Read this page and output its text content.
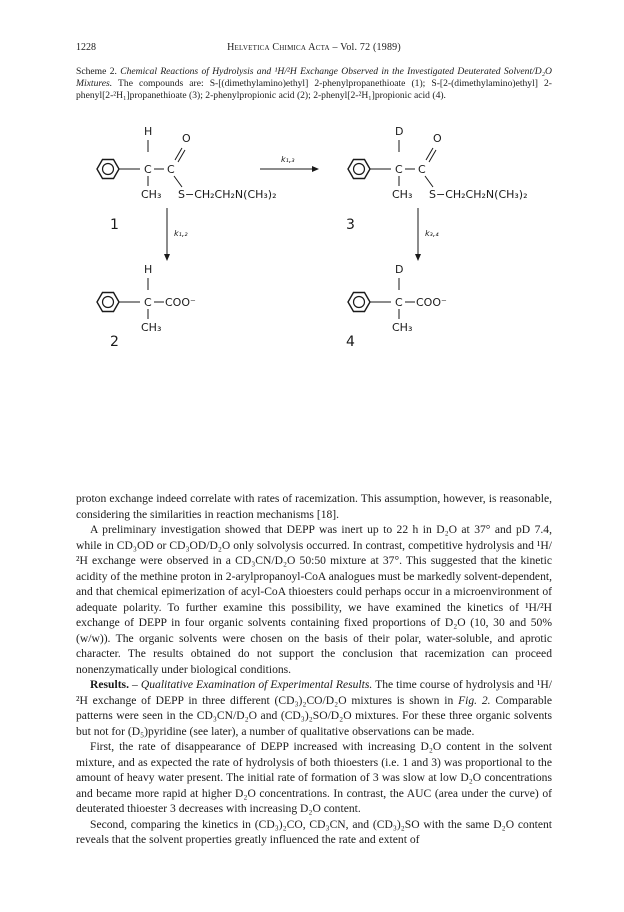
1228	Helvetica Chimica Acta – Vol. 72 (1989)
Scheme 2. Chemical Reactions of Hydrolysis and ¹H/²H Exchange Observed in the Investigated Deuterated Solvent/D₂O Mixtures. The compounds are: S-[(dimethylamino)ethyl] 2-phenylpropanethioate (1); S-[2-(dimethylamino)ethyl] 2-phenyl[2-²H₁]propanethioate (3); 2-phenylpropionic acid (2); 2-phenyl[2-²H₁]propionic acid (4).
H
C C
O
CH₃ S−CH₂CH₂N(CH₃)₂
1
k₁,₃
D
C C
O
CH₃ S−CH₂CH₂N(CH₃)₂
3
k₁,₂	k₃,₄
H
C COO⁻
CH₃
2
D
C COO⁻
CH₃
4

proton exchange indeed correlate with rates of racemization. This assumption, however, is reasonable, considering the similarities in reaction mechanisms [18].

A preliminary investigation showed that DEPP was inert up to 22 h in D₂O at 37° and pD 7.4, while in CD₃OD or CD₃OD/D₂O only solvolysis occurred. In contrast, competitive hydrolysis and ¹H/²H exchange were observed in a CD₃CN/D₂O 50:50 mixture at 37°. This suggested that the kinetic acidity of the methine proton in 2-arylpropanoyl-CoA analogues must be markedly solvent-dependent, and that chemical epimerization of acyl-CoA thioesters could perhaps occur in a microenvironment of adequate polarity. To further examine this possibility, we have examined the kinetics of ¹H/²H exchange of DEPP in four organic solvents containing fixed proportions of D₂O (10, 30 and 50% (w/w)). The organic solvents were chosen on the basis of their polar, water-soluble, and aprotic character. The results obtained do not support the conclusion that racemization can proceed nonenzymatically under biological conditions.

Results. – Qualitative Examination of Experimental Results. The time course of hydrolysis and ¹H/²H exchange of DEPP in three different (CD₃)₂CO/D₂O mixtures is shown in Fig. 2. Comparable patterns were seen in the CD₃CN/D₂O and (CD₃)₂SO/D₂O mixtures. For these three organic solvents but not for (D₅)pyridine (see later), a number of qualitative observations can be made.

First, the rate of disappearance of DEPP increased with increasing D₂O content in the solvent mixture, and as expected the rate of hydrolysis of both thioesters (i.e. 1 and 3) was proportional to the amount of heavy water present. The initial rate of formation of 3 was slow at low D₂O concentrations and became more rapid at higher D₂O concentrations. In contrast, the AUC (area under the curve) of deuterated thioester 3 decreases with increasing D₂O content.

Second, comparing the kinetics in (CD₃)₂CO, CD₃CN, and (CD₃)₂SO with the same D₂O content reveals that the solvent properties greatly influenced the rate and extent of
